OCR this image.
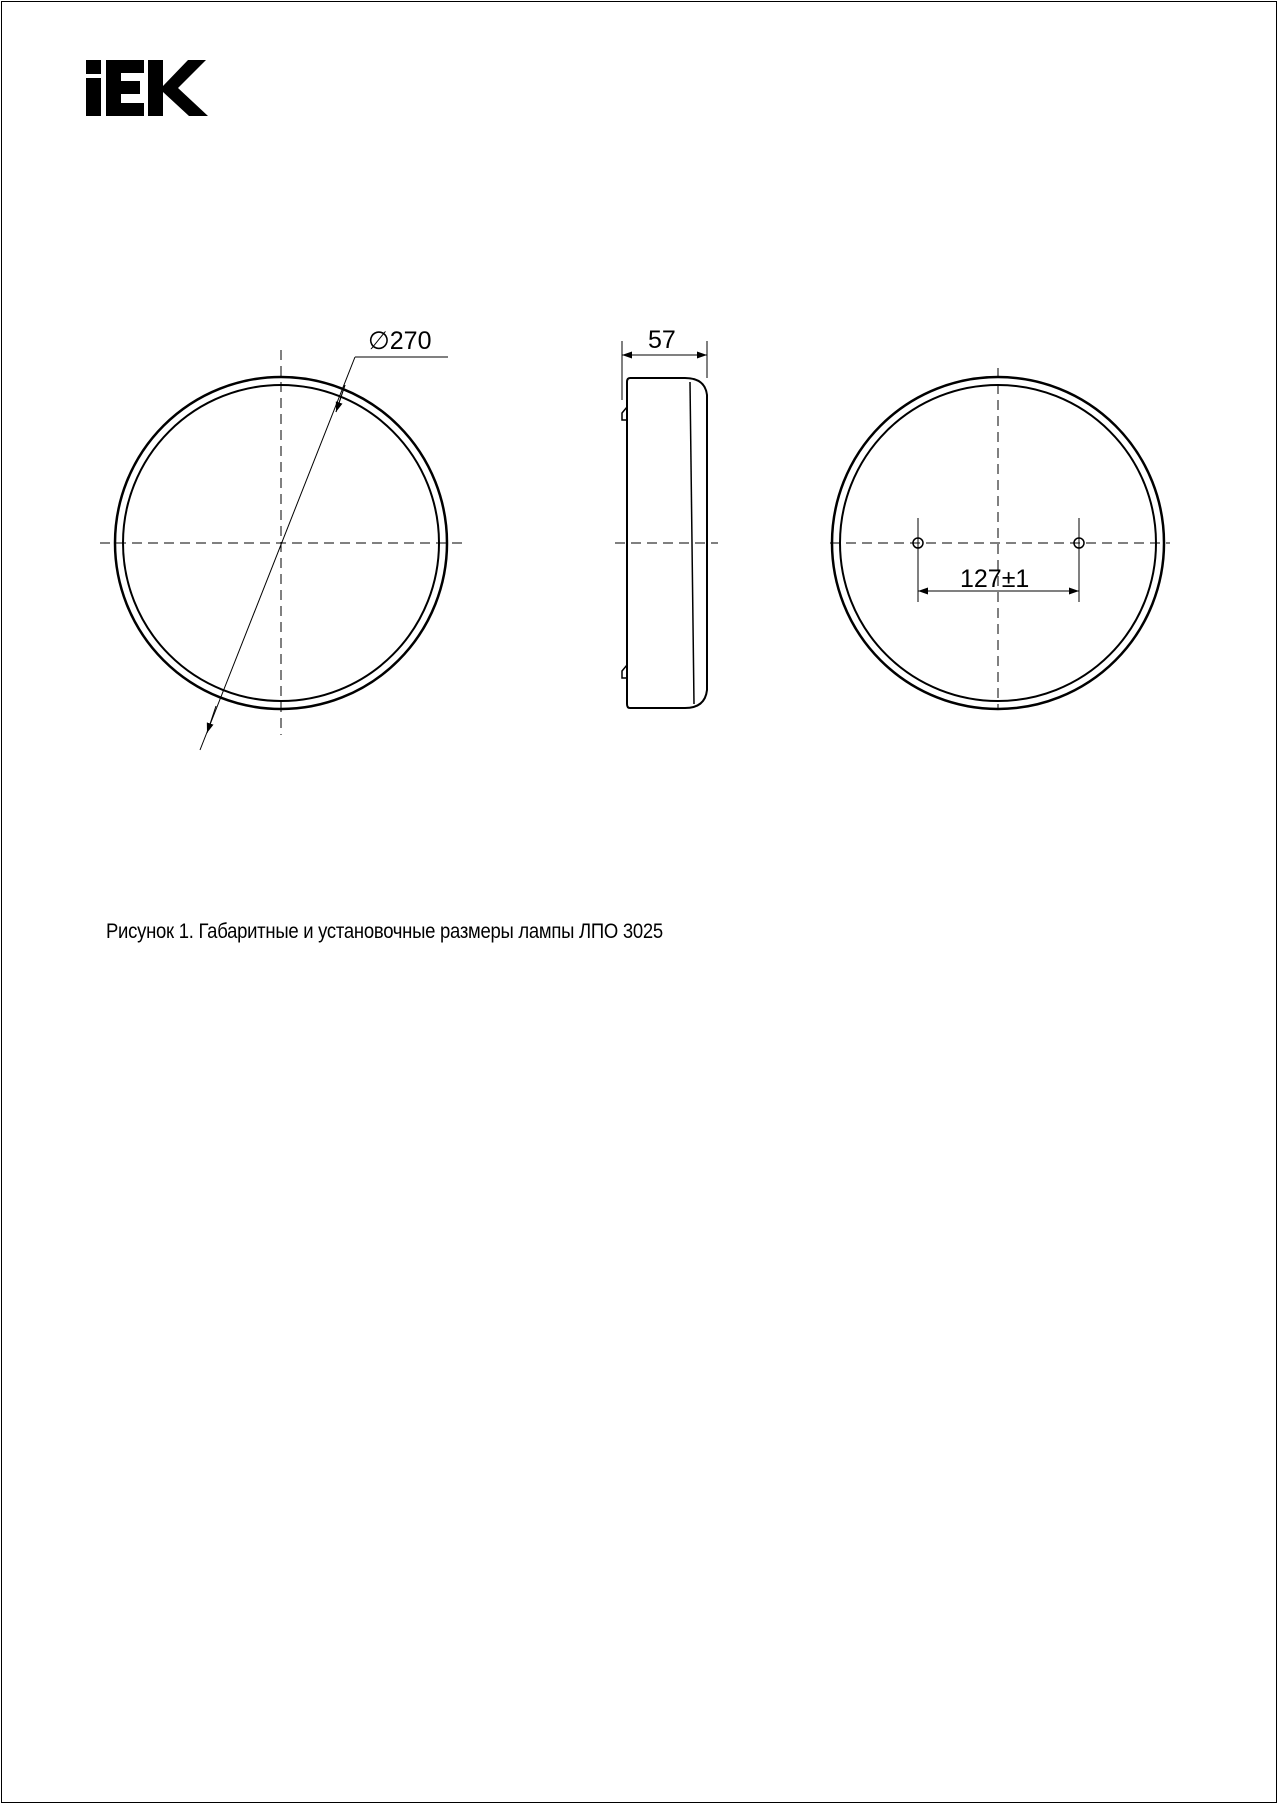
∅270	57
127±1
Рисунок 1. Габаритные и установочные размеры лампы ЛПО 3025
